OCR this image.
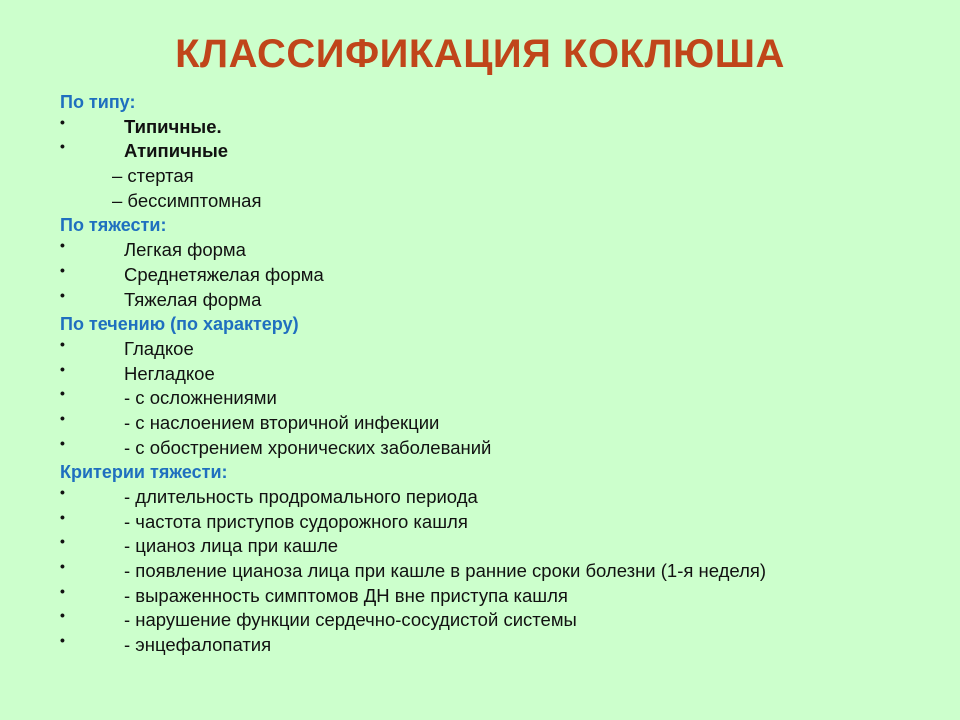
КЛАССИФИКАЦИЯ КОКЛЮША
По типу:
•	Типичные.
•	Атипичные
– стертая
– бессимптомная
По тяжести:
•	Легкая форма
•	Среднетяжелая форма
•	Тяжелая форма
По течению (по характеру)
•	Гладкое
•	Негладкое
•	- с осложнениями
•	- с наслоением вторичной инфекции
•	- с обострением хронических заболеваний
Критерии тяжести:
•	- длительность продромального периода
•	- частота приступов судорожного кашля
•	- цианоз лица при кашле
•	- появление цианоза лица при кашле в ранние сроки болезни (1-я неделя)
•	- выраженность симптомов ДН вне приступа кашля
•	- нарушение функции сердечно-сосудистой системы
•	- энцефалопатия
